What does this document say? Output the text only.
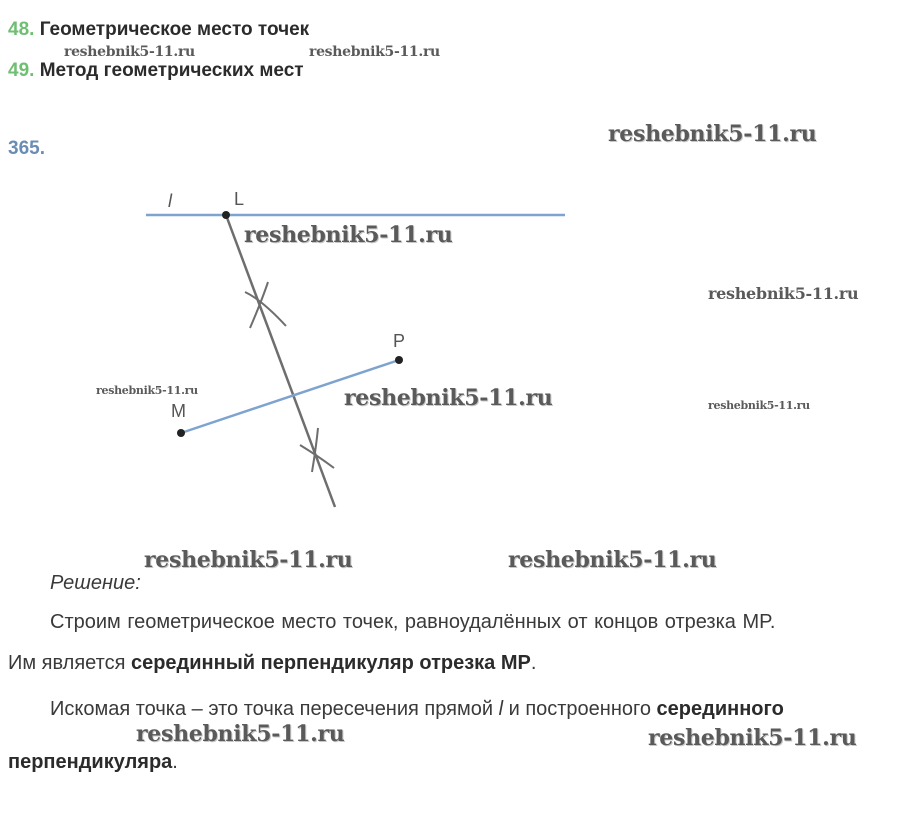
48. Геометрическое место точек
49. Метод геометрических мест
365.
l	L
P
M
reshebnik5-11.ru	reshebnik5-11.ru
reshebnik5-11.ru
reshebnik5-11.ru
reshebnik5-11.ru
reshebnik5-11.ru	reshebnik5-11.ru	reshebnik5-11.ru
reshebnik5-11.ru	reshebnik5-11.ru
reshebnik5-11.ru	reshebnik5-11.ru
Решение:
Строим геометрическое место точек, равноудалённых от концов отрезка MP.
Им является серединный перпендикуляр отрезка MP.
Искомая точка – это точка пересечения прямой l и построенного серединного
перпендикуляра.
